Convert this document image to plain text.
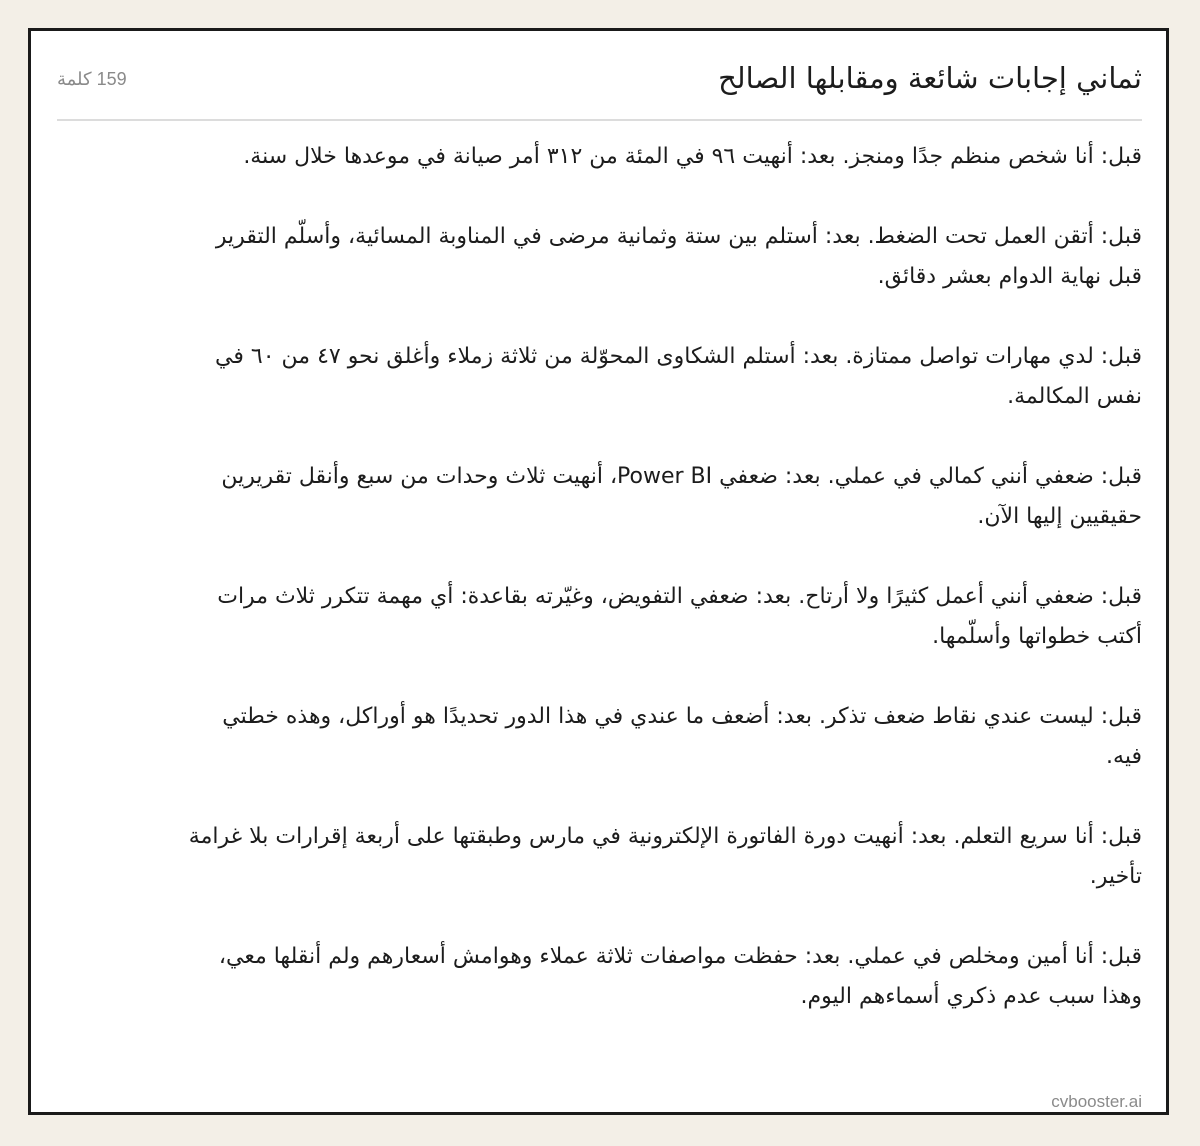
ثماني إجابات شائعة ومقابلها الصالح
159 كلمة

قبل: أنا شخص منظم جدًا ومنجز. بعد: أنهيت ٩٦ في المئة من ٣١٢ أمر صيانة في موعدها خلال سنة.

قبل: أتقن العمل تحت الضغط. بعد: أستلم بين ستة وثمانية مرضى في المناوبة المسائية، وأسلّم التقرير قبل نهاية الدوام بعشر دقائق.

قبل: لدي مهارات تواصل ممتازة. بعد: أستلم الشكاوى المحوّلة من ثلاثة زملاء وأغلق نحو ٤٧ من ٦٠ في نفس المكالمة.

قبل: ضعفي أنني كمالي في عملي. بعد: ضعفي Power BI، أنهيت ثلاث وحدات من سبع وأنقل تقريرين حقيقيين إليها الآن.

قبل: ضعفي أنني أعمل كثيرًا ولا أرتاح. بعد: ضعفي التفويض، وغيّرته بقاعدة: أي مهمة تتكرر ثلاث مرات أكتب خطواتها وأسلّمها.

قبل: ليست عندي نقاط ضعف تذكر. بعد: أضعف ما عندي في هذا الدور تحديدًا هو أوراكل، وهذه خطتي فيه.

قبل: أنا سريع التعلم. بعد: أنهيت دورة الفاتورة الإلكترونية في مارس وطبقتها على أربعة إقرارات بلا غرامة تأخير.

قبل: أنا أمين ومخلص في عملي. بعد: حفظت مواصفات ثلاثة عملاء وهوامش أسعارهم ولم أنقلها معي، وهذا سبب عدم ذكري أسماءهم اليوم.

cvbooster.ai
